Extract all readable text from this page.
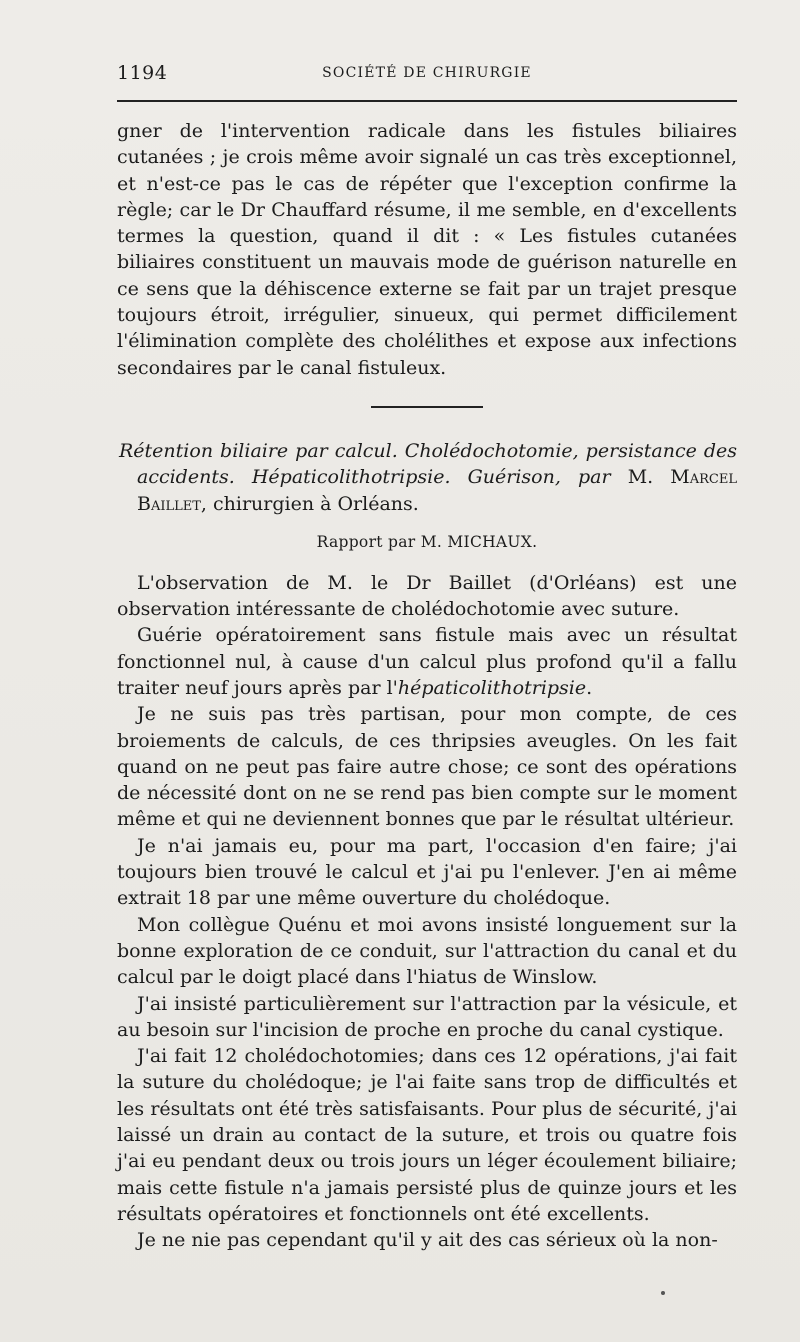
1194	SOCIÉTÉ DE CHIRURGIE

gner de l'intervention radicale dans les fistules biliaires cutanées ; je crois même avoir signalé un cas très exceptionnel, et n'est-ce pas le cas de répéter que l'exception confirme la règle; car le Dr Chauffard résume, il me semble, en d'excellents termes la question, quand il dit : « Les fistules cutanées biliaires constituent un mauvais mode de guérison naturelle en ce sens que la déhiscence externe se fait par un trajet presque toujours étroit, irrégulier, sinueux, qui permet difficilement l'élimination complète des cholélithes et expose aux infections secondaires par le canal fistuleux.

Rétention biliaire par calcul. Cholédochotomie, persistance des accidents. Hépaticolithotripsie. Guérison, par M. Marcel Baillet, chirurgien à Orléans.

Rapport par M. MICHAUX.

L'observation de M. le Dr Baillet (d'Orléans) est une observation intéressante de cholédochotomie avec suture.

Guérie opératoirement sans fistule mais avec un résultat fonctionnel nul, à cause d'un calcul plus profond qu'il a fallu traiter neuf jours après par l'hépaticolithotripsie.

Je ne suis pas très partisan, pour mon compte, de ces broiements de calculs, de ces thripsies aveugles. On les fait quand on ne peut pas faire autre chose; ce sont des opérations de nécessité dont on ne se rend pas bien compte sur le moment même et qui ne deviennent bonnes que par le résultat ultérieur.

Je n'ai jamais eu, pour ma part, l'occasion d'en faire; j'ai toujours bien trouvé le calcul et j'ai pu l'enlever. J'en ai même extrait 18 par une même ouverture du cholédoque.

Mon collègue Quénu et moi avons insisté longuement sur la bonne exploration de ce conduit, sur l'attraction du canal et du calcul par le doigt placé dans l'hiatus de Winslow.

J'ai insisté particulièrement sur l'attraction par la vésicule, et au besoin sur l'incision de proche en proche du canal cystique.

J'ai fait 12 cholédochotomies; dans ces 12 opérations, j'ai fait la suture du cholédoque; je l'ai faite sans trop de difficultés et les résultats ont été très satisfaisants. Pour plus de sécurité, j'ai laissé un drain au contact de la suture, et trois ou quatre fois j'ai eu pendant deux ou trois jours un léger écoulement biliaire; mais cette fistule n'a jamais persisté plus de quinze jours et les résultats opératoires et fonctionnels ont été excellents.

Je ne nie pas cependant qu'il y ait des cas sérieux où la non-
